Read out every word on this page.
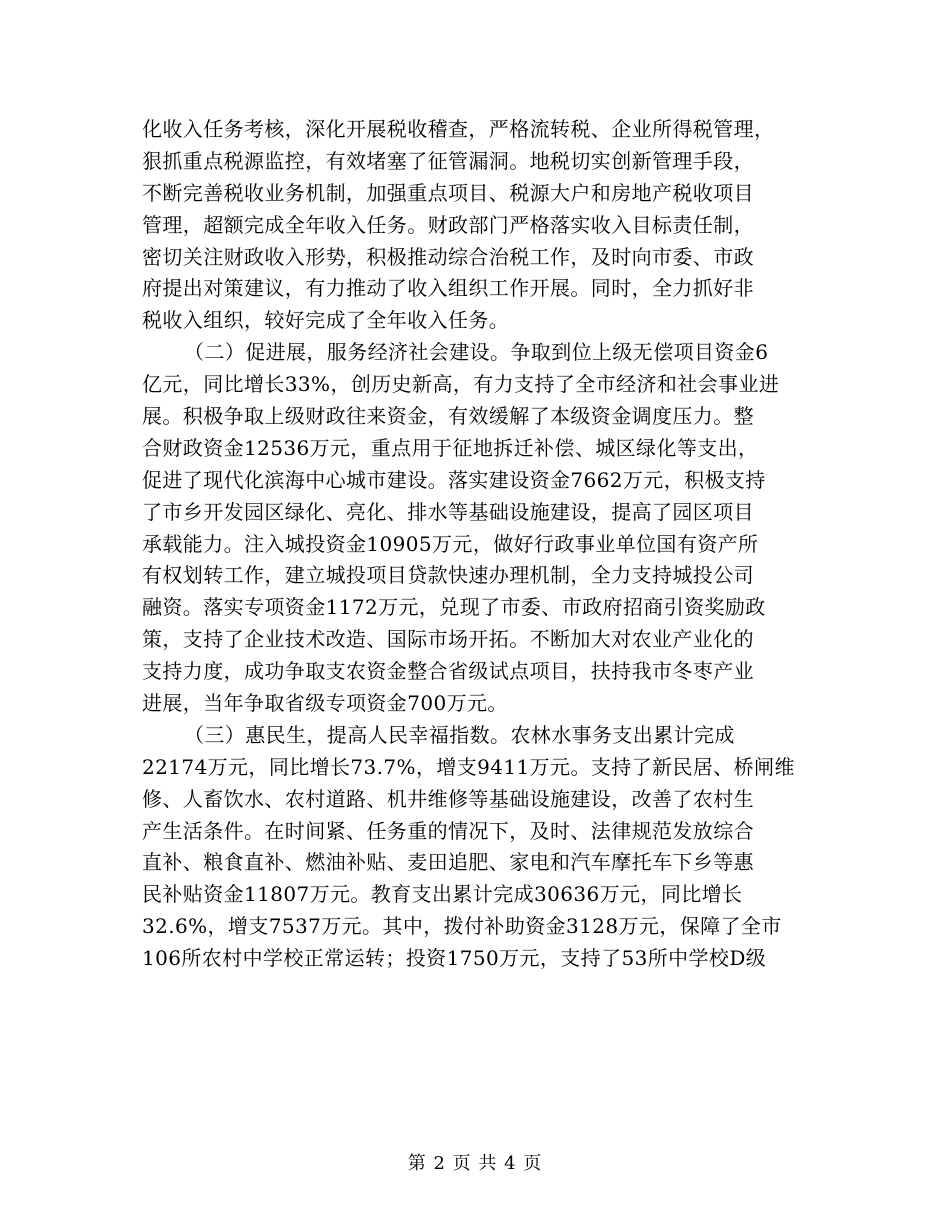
化收入任务考核，深化开展税收稽查，严格流转税、企业所得税管理，
狠抓重点税源监控，有效堵塞了征管漏洞。地税切实创新管理手段，
不断完善税收业务机制，加强重点项目、税源大户和房地产税收项目
管理，超额完成全年收入任务。财政部门严格落实收入目标责任制，
密切关注财政收入形势，积极推动综合治税工作，及时向市委、市政
府提出对策建议，有力推动了收入组织工作开展。同时，全力抓好非
税收入组织，较好完成了全年收入任务。
（二）促进展，服务经济社会建设。争取到位上级无偿项目资金6
亿元，同比增长33%，创历史新高，有力支持了全市经济和社会事业进
展。积极争取上级财政往来资金，有效缓解了本级资金调度压力。整
合财政资金12536万元，重点用于征地拆迁补偿、城区绿化等支出，
促进了现代化滨海中心城市建设。落实建设资金7662万元，积极支持
了市乡开发园区绿化、亮化、排水等基础设施建设，提高了园区项目
承载能力。注入城投资金10905万元，做好行政事业单位国有资产所
有权划转工作，建立城投项目贷款快速办理机制，全力支持城投公司
融资。落实专项资金1172万元，兑现了市委、市政府招商引资奖励政
策，支持了企业技术改造、国际市场开拓。不断加大对农业产业化的
支持力度，成功争取支农资金整合省级试点项目，扶持我市冬枣产业
进展，当年争取省级专项资金700万元。
（三）惠民生，提高人民幸福指数。农林水事务支出累计完成
22174万元，同比增长73.7%，增支9411万元。支持了新民居、桥闸维
修、人畜饮水、农村道路、机井维修等基础设施建设，改善了农村生
产生活条件。在时间紧、任务重的情况下，及时、法律规范发放综合
直补、粮食直补、燃油补贴、麦田追肥、家电和汽车摩托车下乡等惠
民补贴资金11807万元。教育支出累计完成30636万元，同比增长
32.6%，增支7537万元。其中，拨付补助资金3128万元，保障了全市
106所农村中学校正常运转；投资1750万元，支持了53所中学校D级
第 2 页 共 4 页
